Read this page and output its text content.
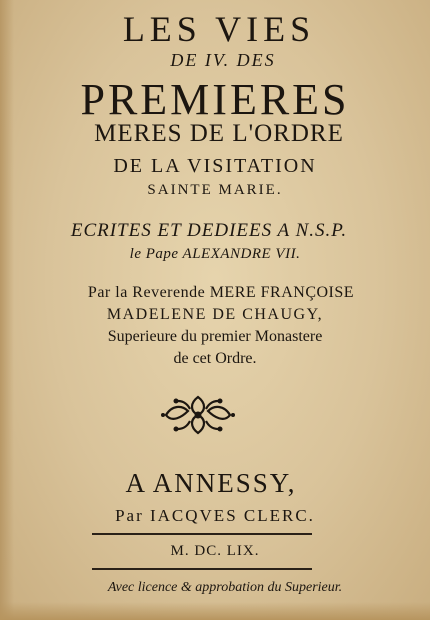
LES VIES
DE IV. DES
PREMIERES
MERES DE L'ORDRE
DE LA VISITATION
SAINTE MARIE.
ECRITES ET DEDIEES A N.S.P.
le Pape ALEXANDRE VII.
Par la Reverende MERE FRANÇOISE
MADELENE DE CHAUGY,
Superieure du premier Monastere
de cet Ordre.
A ANNESSY,
Par IACQVES CLERC.
M. DC. LIX.
Avec licence & approbation du Superieur.
